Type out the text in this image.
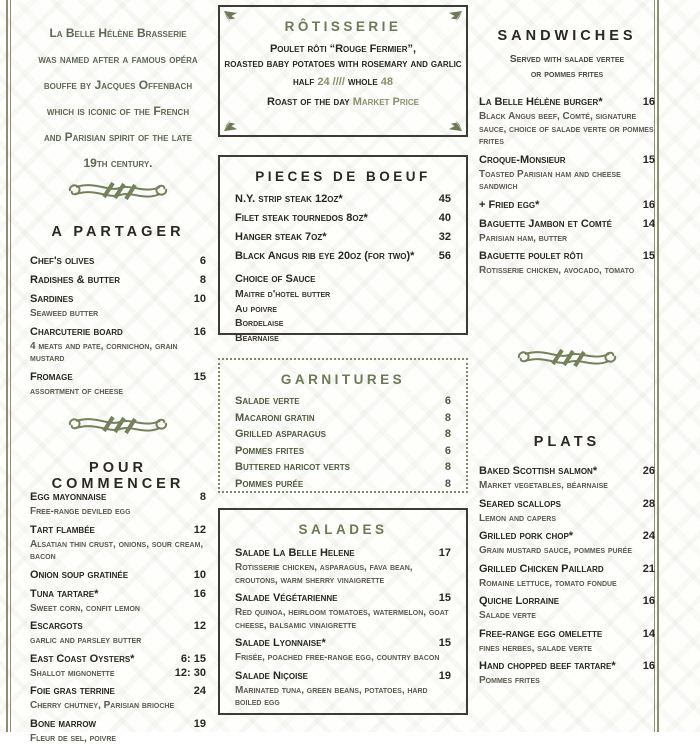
La Belle Hélène Brasserie
was named after a famous opéra
bouffe by Jacques Offenbach
which is iconic of the French
and Parisian spirit of the late
19th century.
A PARTAGER
Chef's olives	6
Radishes & butter	8
Sardines	10
Seaweed butter
Charcuterie board	16
4 meats and pate, cornichon, grain mustard
Fromage	15
assortment of cheese
POUR COMMENCER
Egg mayonnaise	8
Free-range deviled egg
Tart flambée	12
Alsatian thin crust, onions, sour cream, bacon
Onion soup gratinée	10
Tuna tartare*	16
Sweet corn, confit lemon
Escargots	12
garlic and parsley butter
East Coast Oysters*	6: 15
Shallot mignonette	12: 30
Foie gras terrine	24
Cherry chutney, Parisian brioche
Bone marrow	19
Fleur de sel, poivre
RÔTISSERIE
Poulet rôti “Rouge Fermier”,
roasted baby potatoes with rosemary and garlic
half 24 //// whole 48
Roast of the day Market Price
PIECES DE BOEUF
N.Y. strip steak 12oz*	45
Filet steak tournedos 8oz*	40
Hanger steak 7oz*	32
Black Angus rib eye 20oz (for two)* 56
Choice of Sauce
Maitre d'hotel butter
Au poivre
Bordelaise
Bearnaise
GARNITURES
Salade verte	6
Macaroni gratin	8
Grilled asparagus	8
Pommes frites	6
Buttered haricot verts	8
Pommes purée	8
SALADES
Salade La Belle Helene	17
Rotisserie chicken, asparagus, fava bean, croutons, warm sherry vinaigrette
Salade Végétarienne	15
Red quinoa, heirloom tomatoes, watermelon, goat cheese, balsamic vinaigrette
Salade Lyonnaise*	15
Frisée, poached free-range egg, country bacon
Salade Niçoise	19
Marinated tuna, green beans, potatoes, hard boiled egg
SANDWICHES
Served with salade vertee
or pommes frites
La Belle Hélène burger*	16
Black Angus beef, Comté, signature sauce, choice of salade verte or pommes frites
Croque-Monsieur	15
Toasted Parisian ham and cheese sandwich
+ Fried egg*	16
Baguette Jambon et Comté	14
Parisian ham, butter
Baguette poulet rôti	15
Rotisserie chicken, avocado, tomato
PLATS
Baked Scottish salmon*	26
Market vegetables, béarnaise
Seared scallops	28
Lemon and capers
Grilled pork chop*	24
Grain mustard sauce, pommes purée
Grilled Chicken Paillard	21
Romaine lettuce, tomato fondue
Quiche Lorraine	16
Salade verte
Free-range egg omelette	14
fines herbes, salade verte
Hand chopped beef tartare* 16
Pommes frites
